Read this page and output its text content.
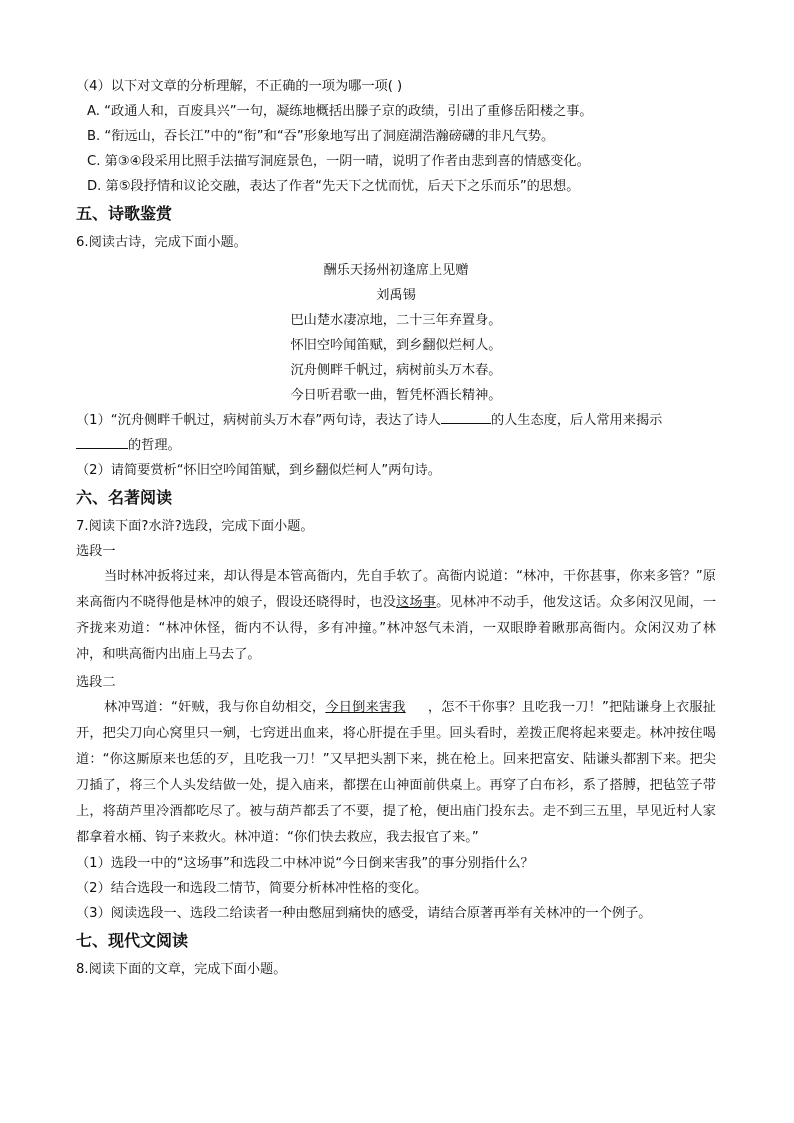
（4）以下对文章的分析理解，不正确的一项为哪一项( )
A. “政通人和，百废具兴”一句，凝练地概括出滕子京的政绩，引出了重修岳阳楼之事。
B. “衔远山，吞长江”中的“衔”和“吞”形象地写出了洞庭湖浩瀚磅礴的非凡气势。
C. 第③④段采用比照手法描写洞庭景色，一阴一晴，说明了作者由悲到喜的情感变化。
D. 第⑤段抒情和议论交融，表达了作者“先天下之忧而忧，后天下之乐而乐”的思想。
五、诗歌鉴赏
6.阅读古诗，完成下面小题。
酬乐天扬州初逢席上见赠
刘禹锡
巴山楚水凄凉地，二十三年弃置身。
怀旧空吟闻笛赋，到乡翻似烂柯人。
沉舟侧畔千帆过，病树前头万木春。
今日听君歌一曲，暂凭杯酒长精神。
（1）“沉舟侧畔千帆过，病树前头万木春”两句诗，表达了诗人	的人生态度，后人常用来揭示
的哲理。
（2）请简要赏析“怀旧空吟闻笛赋，到乡翻似烂柯人”两句诗。
六、名著阅读
7.阅读下面?水浒?选段，完成下面小题。
选段一
当时林冲扳将过来，却认得是本管高衙内，先自手软了。高衙内说道：“林冲，干你甚事，你来多管？”原来高衙内不晓得他是林冲的娘子，假设还晓得时，也没这场事。见林冲不动手，他发这话。众多闲汉见闹，一齐拢来劝道：“林冲休怪，衙内不认得，多有冲撞。”林冲怒气未消，一双眼睁着瞅那高衙内。众闲汉劝了林冲，和哄高衙内出庙上马去了。
选段二
林冲骂道：“奸贼，我与你自幼相交，今日倒来害我 ，怎不干你事？且吃我一刀！”把陆谦身上衣服扯开，把尖刀向心窝里只一剜，七窍迸出血来，将心肝提在手里。回头看时，差拨正爬将起来要走。林冲按住喝道：“你这厮原来也恁的歹，且吃我一刀！”又早把头割下来，挑在枪上。回来把富安、陆谦头都割下来。把尖刀插了，将三个人头发结做一处，提入庙来，都摆在山神面前供桌上。再穿了白布衫，系了搭膊，把毡笠子带上，将葫芦里冷酒都吃尽了。被与葫芦都丢了不要，提了枪，便出庙门投东去。走不到三五里，早见近村人家都拿着水桶、钩子来救火。林冲道：“你们快去救应，我去报官了来。”
（1）选段一中的“这场事”和选段二中林冲说“今日倒来害我”的事分别指什么？
（2）结合选段一和选段二情节，简要分析林冲性格的变化。
（3）阅读选段一、选段二给读者一种由憋屈到痛快的感受，请结合原著再举有关林冲的一个例子。
七、现代文阅读
8.阅读下面的文章，完成下面小题。
